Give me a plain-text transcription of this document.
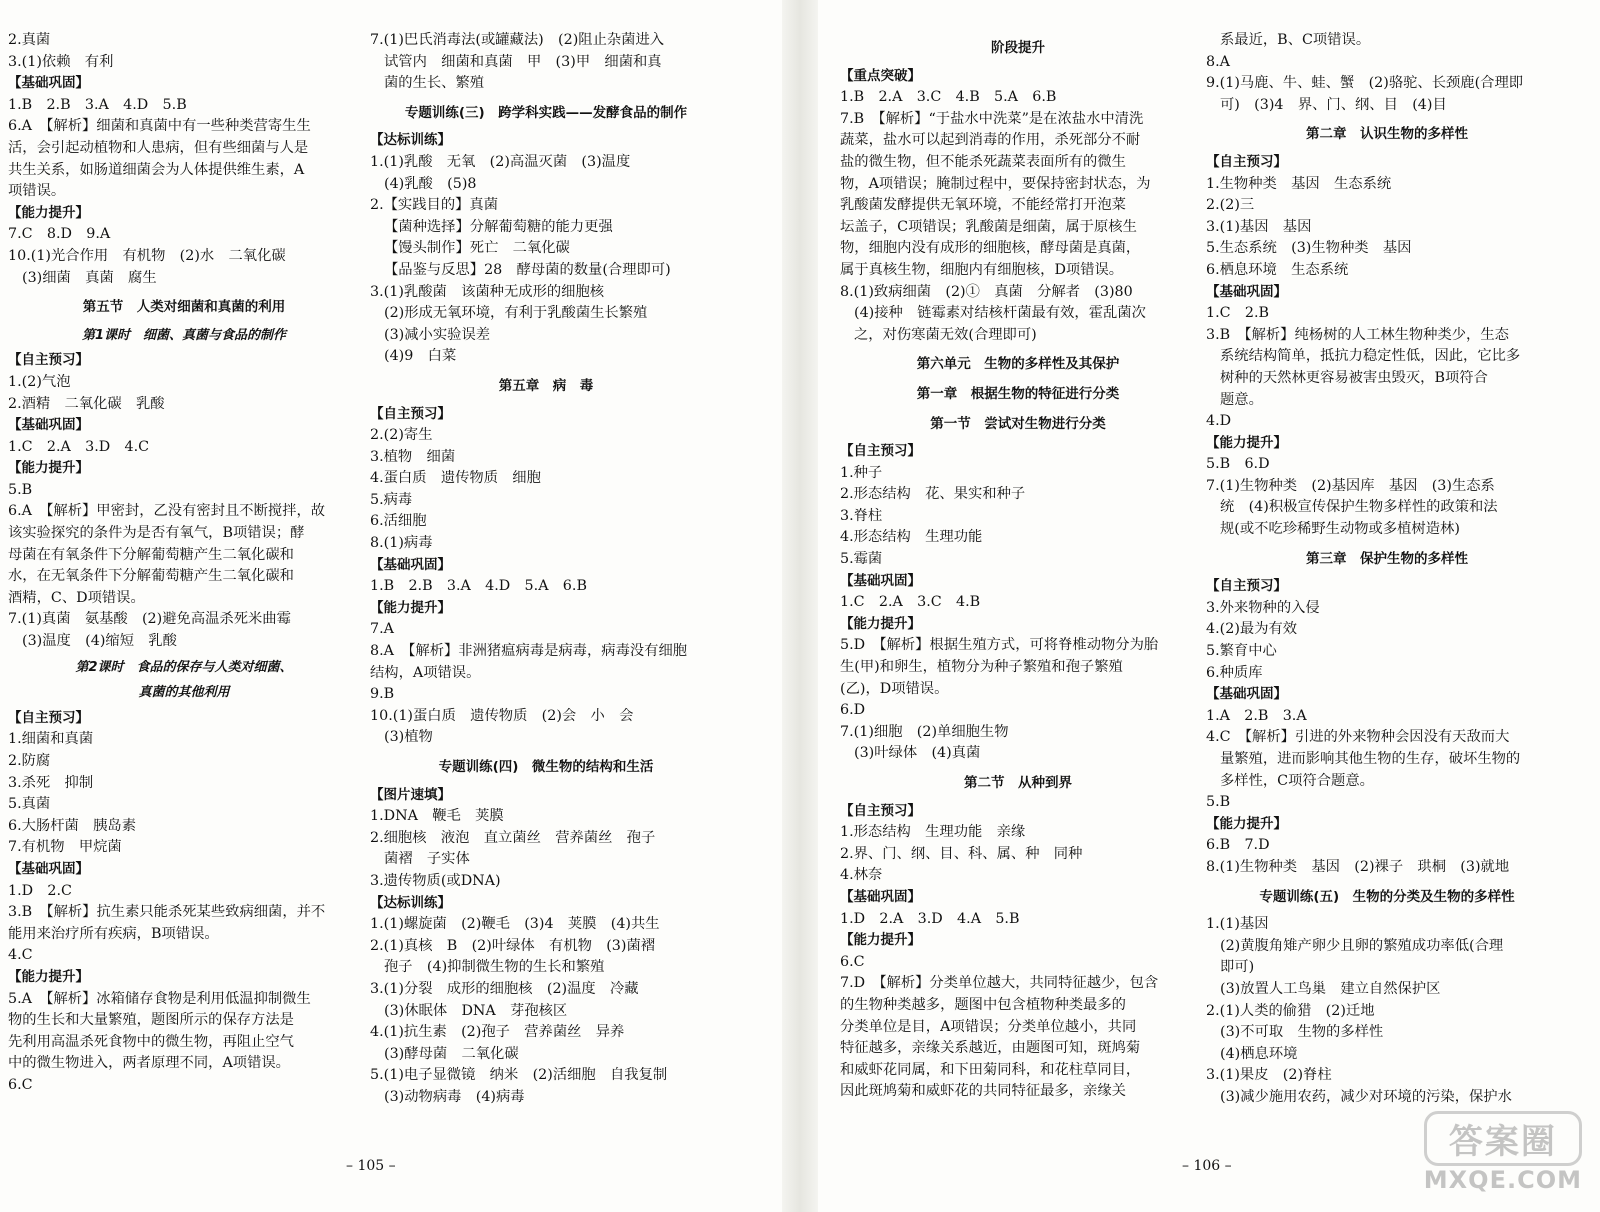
2.真菌
3.(1)依赖　有利
【基础巩固】
1.B　2.B　3.A　4.D　5.B
6.A　【解析】细菌和真菌中有一些种类营寄生生
活，会引起动植物和人患病，但有些细菌与人是
共生关系，如肠道细菌会为人体提供维生素，A
项错误。
【能力提升】
7.C　8.D　9.A
10.(1)光合作用　有机物　(2)水　二氧化碳
(3)细菌　真菌　腐生
第五节　人类对细菌和真菌的利用
第1课时　细菌、真菌与食品的制作
【自主预习】
1.(2)气泡
2.酒精　二氧化碳　乳酸
【基础巩固】
1.C　2.A　3.D　4.C
【能力提升】
5.B
6.A　【解析】甲密封，乙没有密封且不断搅拌，故
该实验探究的条件为是否有氧气，B项错误；酵
母菌在有氧条件下分解葡萄糖产生二氧化碳和
水，在无氧条件下分解葡萄糖产生二氧化碳和
酒精，C、D项错误。
7.(1)真菌　氨基酸　(2)避免高温杀死米曲霉
(3)温度　(4)缩短　乳酸
第2课时　食品的保存与人类对细菌、
真菌的其他利用
【自主预习】
1.细菌和真菌
2.防腐
3.杀死　抑制
5.真菌
6.大肠杆菌　胰岛素
7.有机物　甲烷菌
【基础巩固】
1.D　2.C
3.B　【解析】抗生素只能杀死某些致病细菌，并不
能用来治疗所有疾病，B项错误。
4.C
【能力提升】
5.A　【解析】冰箱储存食物是利用低温抑制微生
物的生长和大量繁殖，题图所示的保存方法是
先利用高温杀死食物中的微生物，再阻止空气
中的微生物进入，两者原理不同，A项错误。
6.C
7.(1)巴氏消毒法(或罐藏法)　(2)阻止杂菌进入
试管内　细菌和真菌　甲　(3)甲　细菌和真
菌的生长、繁殖
专题训练(三)　跨学科实践——发酵食品的制作
【达标训练】
1.(1)乳酸　无氧　(2)高温灭菌　(3)温度
(4)乳酸　(5)8
2.【实践目的】真菌
【菌种选择】分解葡萄糖的能力更强
【馒头制作】死亡　二氧化碳
【品鉴与反思】28　酵母菌的数量(合理即可)
3.(1)乳酸菌　该菌种无成形的细胞核
(2)形成无氧环境，有利于乳酸菌生长繁殖
(3)减小实验误差
(4)9　白菜
第五章　病　毒
【自主预习】
2.(2)寄生
3.植物　细菌
4.蛋白质　遗传物质　细胞
5.病毒
6.活细胞
8.(1)病毒
【基础巩固】
1.B　2.B　3.A　4.D　5.A　6.B
【能力提升】
7.A
8.A　【解析】非洲猪瘟病毒是病毒，病毒没有细胞
结构，A项错误。
9.B
10.(1)蛋白质　遗传物质　(2)会　小　会
(3)植物
专题训练(四)　微生物的结构和生活
【图片速填】
1.DNA　鞭毛　荚膜
2.细胞核　液泡　直立菌丝　营养菌丝　孢子
菌褶　子实体
3.遗传物质(或DNA)
【达标训练】
1.(1)螺旋菌　(2)鞭毛　(3)4　荚膜　(4)共生
2.(1)真核　B　(2)叶绿体　有机物　(3)菌褶
孢子　(4)抑制微生物的生长和繁殖
3.(1)分裂　成形的细胞核　(2)温度　冷藏
(3)休眠体　DNA　芽孢核区
4.(1)抗生素　(2)孢子　营养菌丝　异养
(3)酵母菌　二氧化碳
5.(1)电子显微镜　纳米　(2)活细胞　自我复制
(3)动物病毒　(4)病毒
– 105 –
阶段提升
【重点突破】
1.B　2.A　3.C　4.B　5.A　6.B
7.B　【解析】“于盐水中洗菜”是在浓盐水中清洗
蔬菜，盐水可以起到消毒的作用，杀死部分不耐
盐的微生物，但不能杀死蔬菜表面所有的微生
物，A项错误；腌制过程中，要保持密封状态，为
乳酸菌发酵提供无氧环境，不能经常打开泡菜
坛盖子，C项错误；乳酸菌是细菌，属于原核生
物，细胞内没有成形的细胞核，酵母菌是真菌，
属于真核生物，细胞内有细胞核，D项错误。
8.(1)致病细菌　(2)①　真菌　分解者　(3)80
(4)接种　链霉素对结核杆菌最有效，霍乱菌次
之，对伤寒菌无效(合理即可)
第六单元　生物的多样性及其保护
第一章　根据生物的特征进行分类
第一节　尝试对生物进行分类
【自主预习】
1.种子
2.形态结构　花、果实和种子
3.脊柱
4.形态结构　生理功能
5.霉菌
【基础巩固】
1.C　2.A　3.C　4.B
【能力提升】
5.D　【解析】根据生殖方式，可将脊椎动物分为胎
生(甲)和卵生，植物分为种子繁殖和孢子繁殖
(乙)，D项错误。
6.D
7.(1)细胞　(2)单细胞生物
(3)叶绿体　(4)真菌
第二节　从种到界
【自主预习】
1.形态结构　生理功能　亲缘
2.界、门、纲、目、科、属、种　同种
4.林奈
【基础巩固】
1.D　2.A　3.D　4.A　5.B
【能力提升】
6.C
7.D　【解析】分类单位越大，共同特征越少，包含
的生物种类越多，题图中包含植物种类最多的
分类单位是目，A项错误；分类单位越小，共同
特征越多，亲缘关系越近，由题图可知，斑鸠菊
和威虾花同属，和下田菊同科，和花柱草同目，
因此斑鸠菊和威虾花的共同特征最多，亲缘关
系最近，B、C项错误。
8.A
9.(1)马鹿、牛、蛙、蟹　(2)骆驼、长颈鹿(合理即
可)　(3)4　界、门、纲、目　(4)目
第二章　认识生物的多样性
【自主预习】
1.生物种类　基因　生态系统
2.(2)三
3.(1)基因　基因
5.生态系统　(3)生物种类　基因
6.栖息环境　生态系统
【基础巩固】
1.C　2.B
3.B　【解析】纯杨树的人工林生物种类少，生态
系统结构简单，抵抗力稳定性低，因此，它比多
树种的天然林更容易被害虫毁灭，B项符合
题意。
4.D
【能力提升】
5.B　6.D
7.(1)生物种类　(2)基因库　基因　(3)生态系
统　(4)积极宣传保护生物多样性的政策和法
规(或不吃珍稀野生动物或多植树造林)
第三章　保护生物的多样性
【自主预习】
3.外来物种的入侵
4.(2)最为有效
5.繁育中心
6.种质库
【基础巩固】
1.A　2.B　3.A
4.C　【解析】引进的外来物种会因没有天敌而大
量繁殖，进而影响其他生物的生存，破坏生物的
多样性，C项符合题意。
5.B
【能力提升】
6.B　7.D
8.(1)生物种类　基因　(2)裸子　珙桐　(3)就地
专题训练(五)　生物的分类及生物的多样性
1.(1)基因
(2)黄腹角雉产卵少且卵的繁殖成功率低(合理
即可)
(3)放置人工鸟巢　建立自然保护区
2.(1)人类的偷猎　(2)迁地
(3)不可取　生物的多样性
(4)栖息环境
3.(1)果皮　(2)脊柱
(3)减少施用农药，减少对环境的污染，保护水
– 106 –
答案圈
MXQE.COM
